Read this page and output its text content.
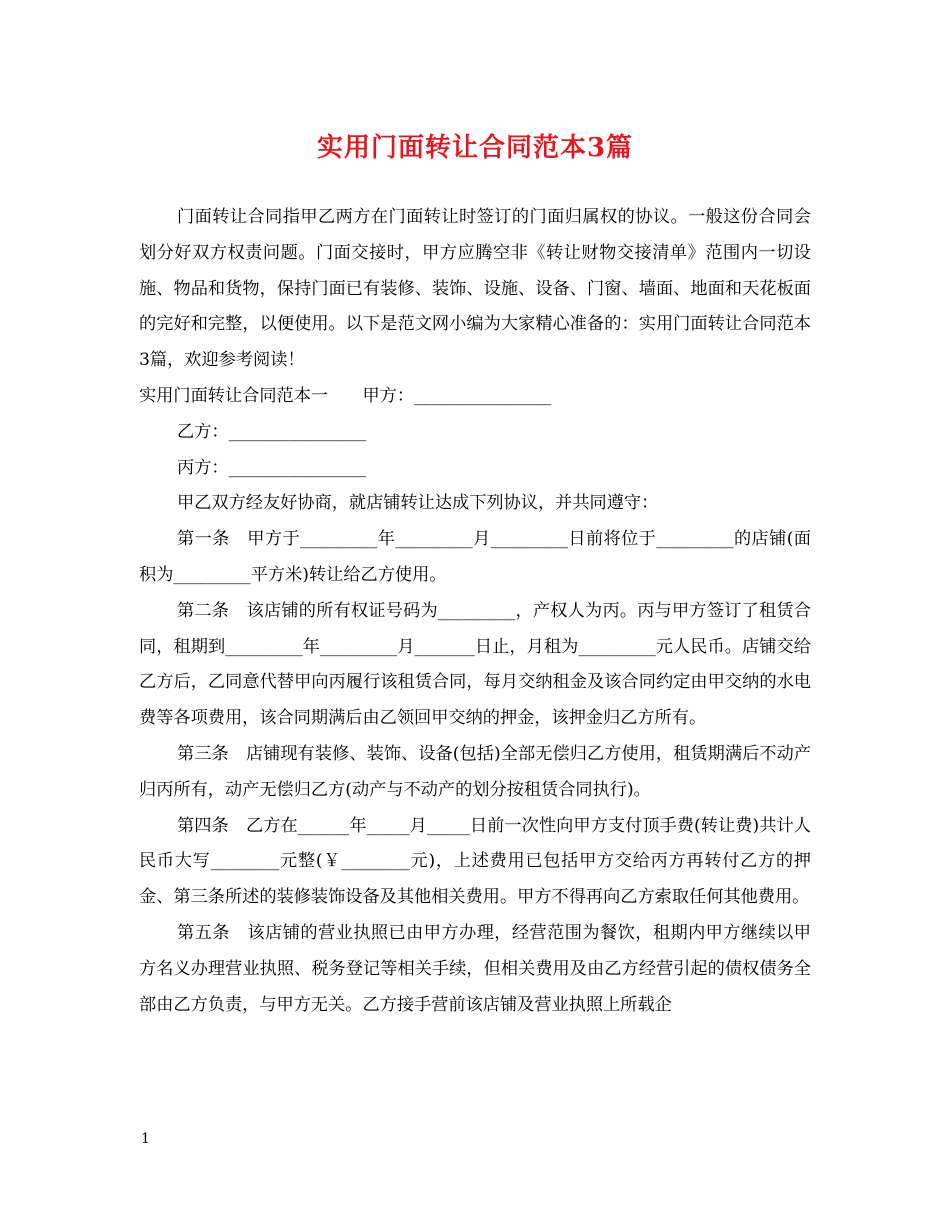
实用门面转让合同范本3篇

门面转让合同指甲乙两方在门面转让时签订的门面归属权的协议。一般这份合同会划分好双方权责问题。门面交接时，甲方应腾空非《转让财物交接清单》范围内一切设施、物品和货物，保持门面已有装修、装饰、设施、设备、门窗、墙面、地面和天花板面的完好和完整，以便使用。以下是范文网小编为大家精心准备的：实用门面转让合同范本3篇，欢迎参考阅读！

实用门面转让合同范本一　　甲方：________________

乙方：________________

丙方：________________

甲乙双方经友好协商，就店铺转让达成下列协议，并共同遵守：

第一条　甲方于_________年_________月_________日前将位于_________的店铺(面积为_________平方米)转让给乙方使用。

第二条　该店铺的所有权证号码为_________，产权人为丙。丙与甲方签订了租赁合同，租期到_________年_________月_______日止，月租为_________元人民币。店铺交给乙方后，乙同意代替甲向丙履行该租赁合同，每月交纳租金及该合同约定由甲交纳的水电费等各项费用，该合同期满后由乙领回甲交纳的押金，该押金归乙方所有。

第三条　店铺现有装修、装饰、设备(包括)全部无偿归乙方使用，租赁期满后不动产归丙所有，动产无偿归乙方(动产与不动产的划分按租赁合同执行)。

第四条　乙方在______年_____月_____日前一次性向甲方支付顶手费(转让费)共计人民币大写________元整(￥________元)，上述费用已包括甲方交给丙方再转付乙方的押金、第三条所述的装修装饰设备及其他相关费用。甲方不得再向乙方索取任何其他费用。

第五条　该店铺的营业执照已由甲方办理，经营范围为餐饮，租期内甲方继续以甲方名义办理营业执照、税务登记等相关手续，但相关费用及由乙方经营引起的债权债务全部由乙方负责，与甲方无关。乙方接手营前该店铺及营业执照上所载企

1
